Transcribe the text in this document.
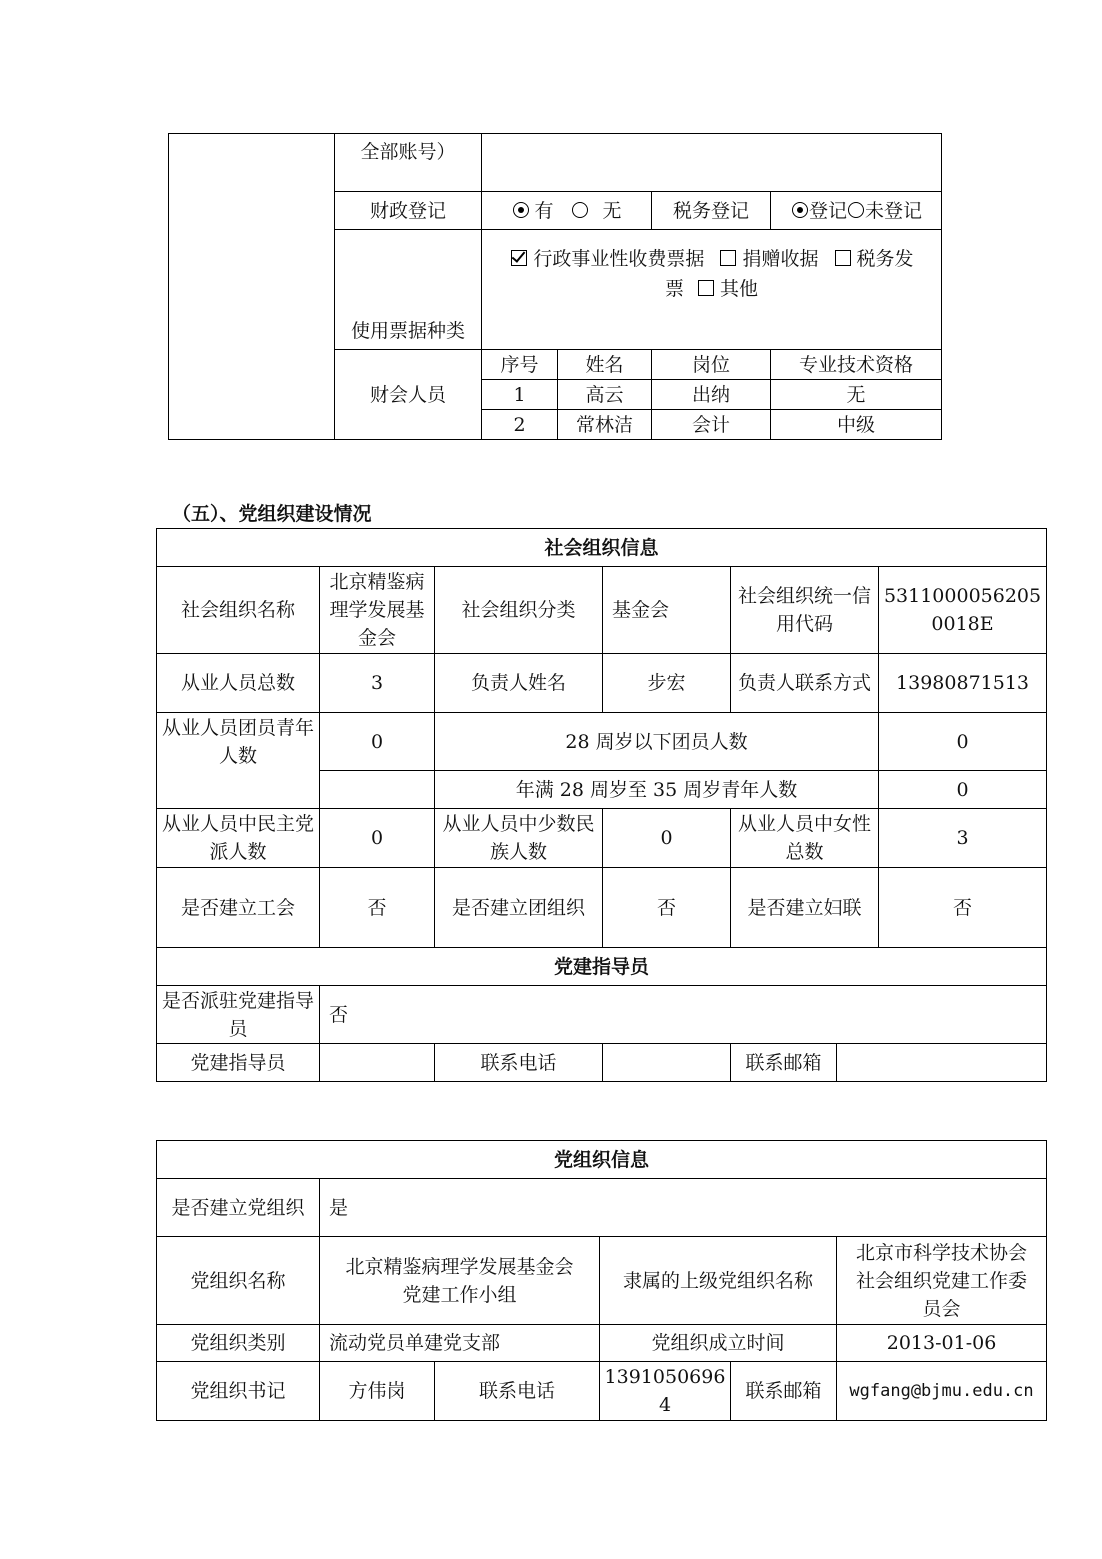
	全部账号）				
	财政登记	有 无		税务登记	登记 未登记
	使用票据种类	行政事业性收费票据 捐赠收据 税务发
票 其他			
	财会人员	序号	姓名	岗位	专业技术资格
		1	高云	出纳	无
		2	常林洁	会计	中级
（五）、党组织建设情况
社会组织信息						
社会组织名称	北京精鉴病理学发展基金会	社会组织分类	基金会	社会组织统一信用代码		53110000562050018E
从业人员总数	3	负责人姓名	步宏	负责人联系方式		13980871513
从业人员团员青年人数	0	28 周岁以下团员人数				0
		年满 28 周岁至 35 周岁青年人数				0
从业人员中民主党派人数	0	从业人员中少数民族人数	0	从业人员中女性总数		3
是否建立工会	否	是否建立团组织	否	是否建立妇联		否
党建指导员						
是否派驻党建指导员	否					
党建指导员		联系电话		联系邮箱		
党组织信息					
是否建立党组织	是				
党组织名称	北京精鉴病理学发展基金会党建工作小组		隶属的上级党组织名称		北京市科学技术协会社会组织党建工作委员会
党组织类别	流动党员单建党支部		党组织成立时间		2013-01-06
党组织书记	方伟岗	联系电话	13910506964	联系邮箱	wgfang@bjmu.edu.cn
